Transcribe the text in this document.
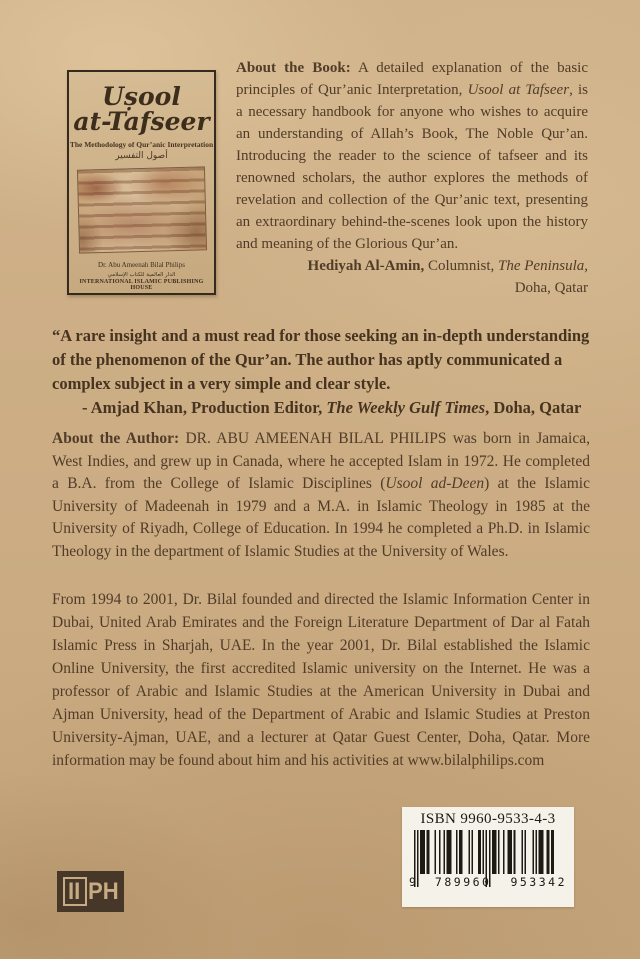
Uṣool
at-Tafseer
The Methodology of Qur’anic Interpretation
أصول التفسير
Dr. Abu Ameenah Bilal Philips
الدار العالمية للكتاب الإسلامي
INTERNATIONAL ISLAMIC PUBLISHING HOUSE
About the Book: A detailed explanation of the basic principles of Qur’anic Interpretation, Usool at Tafseer, is a necessary handbook for anyone who wishes to acquire an understanding of Allah’s Book, The Noble Qur’an. Introducing the reader to the science of tafseer and its renowned scholars, the author explores the methods of revelation and collection of the Qur’anic text, presenting an extraordinary behind-the-scenes look upon the history and meaning of the Glorious Qur’an.
Hediyah Al-Amin, Columnist, The Peninsula,
Doha, Qatar
“A rare insight and a must read for those seeking an in-depth understanding of the phenomenon of the Qur’an. The author has aptly communicated a complex subject in a very simple and clear style.
- Amjad Khan, Production Editor, The Weekly Gulf Times, Doha, Qatar
About the Author: DR. ABU AMEENAH BILAL PHILIPS was born in Jamaica, West Indies, and grew up in Canada, where he accepted Islam in 1972. He completed a B.A. from the College of Islamic Disciplines (Usool ad-Deen) at the Islamic University of Madeenah in 1979 and a M.A. in Islamic Theology in 1985 at the University of Riyadh, College of Education. In 1994 he completed a Ph.D. in Islamic Theology in the department of Islamic Studies at the University of Wales.
From 1994 to 2001, Dr. Bilal founded and directed the Islamic Information Center in Dubai, United Arab Emirates and the Foreign Literature Department of Dar al Fatah Islamic Press in Sharjah, UAE. In the year 2001, Dr. Bilal established the Islamic Online University, the first accredited Islamic university on the Internet. He was a professor of Arabic and Islamic Studies at the American University in Dubai and Ajman University, head of the Department of Arabic and Islamic Studies at Preston University-Ajman, UAE, and a lecturer at Qatar Guest Center, Doha, Qatar. More information may be found about him and his activities at www.bilalphilips.com
ISBN 9960-9533-4-3
9 789960 953342
II PH
